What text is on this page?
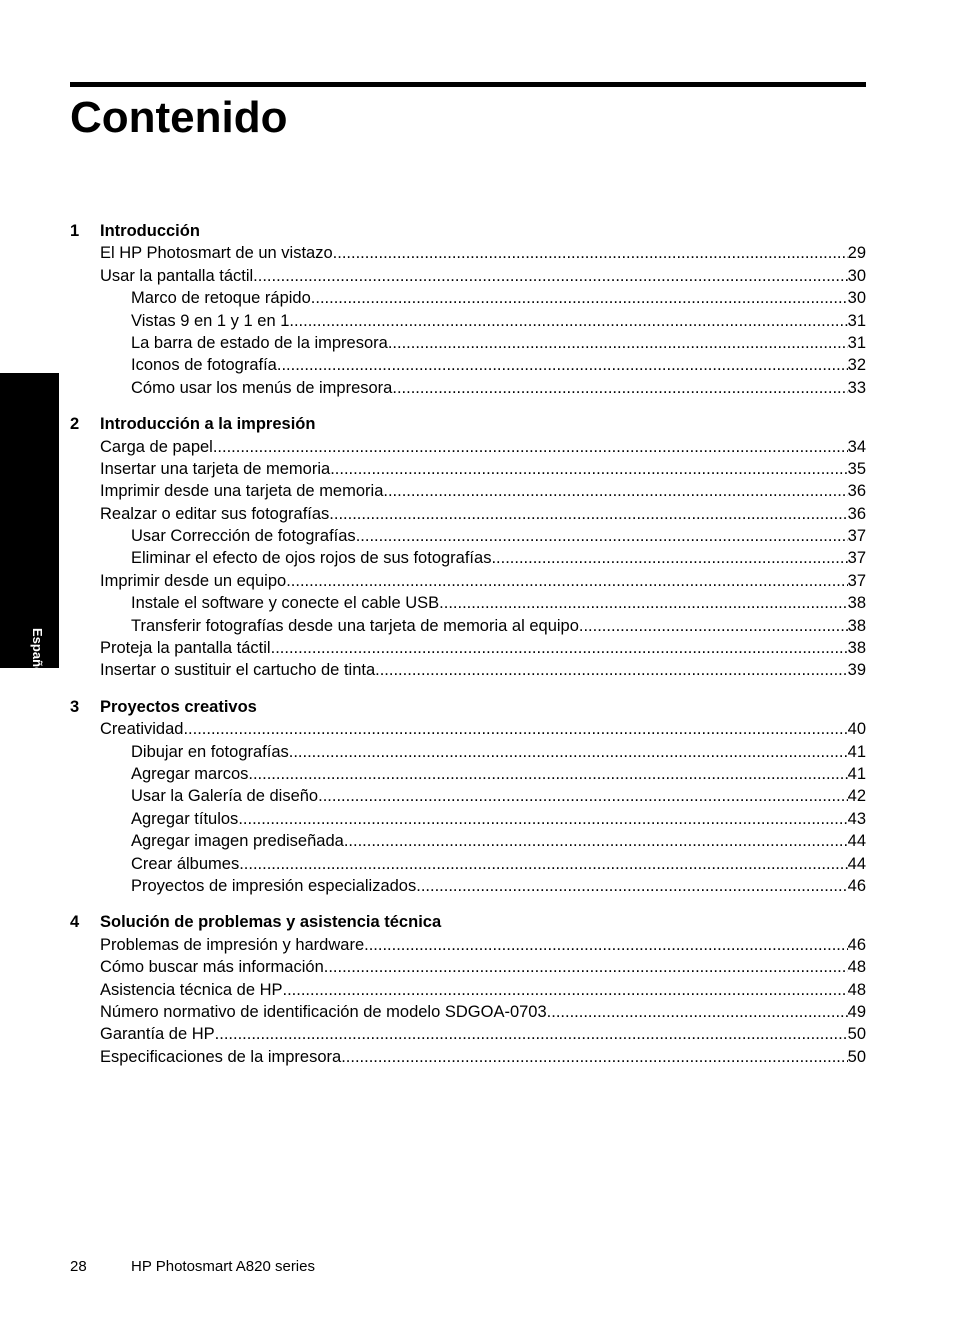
Contenido
Español
1	Introducción
El HP Photosmart de un vistazo .....	29
Usar la pantalla táctil .....	30
Marco de retoque rápido .....	30
Vistas 9 en 1 y 1 en 1 .....	31
La barra de estado de la impresora .....	31
Iconos de fotografía .....	32
Cómo usar los menús de impresora .....	33
2	Introducción a la impresión
Carga de papel .....	34
Insertar una tarjeta de memoria .....	35
Imprimir desde una tarjeta de memoria .....	36
Realzar o editar sus fotografías .....	36
Usar Corrección de fotografías .....	37
Eliminar el efecto de ojos rojos de sus fotografías .....	37
Imprimir desde un equipo .....	37
Instale el software y conecte el cable USB .....	38
Transferir fotografías desde una tarjeta de memoria al equipo .....	38
Proteja la pantalla táctil .....	38
Insertar o sustituir el cartucho de tinta .....	39
3	Proyectos creativos
Creatividad .....	40
Dibujar en fotografías .....	41
Agregar marcos .....	41
Usar la Galería de diseño .....	42
Agregar títulos .....	43
Agregar imagen prediseñada .....	44
Crear álbumes .....	44
Proyectos de impresión especializados .....	46
4	Solución de problemas y asistencia técnica
Problemas de impresión y hardware .....	46
Cómo buscar más información .....	48
Asistencia técnica de HP .....	48
Número normativo de identificación de modelo SDGOA-0703 .....	49
Garantía de HP .....	50
Especificaciones de la impresora .....	50
28	HP Photosmart A820 series
